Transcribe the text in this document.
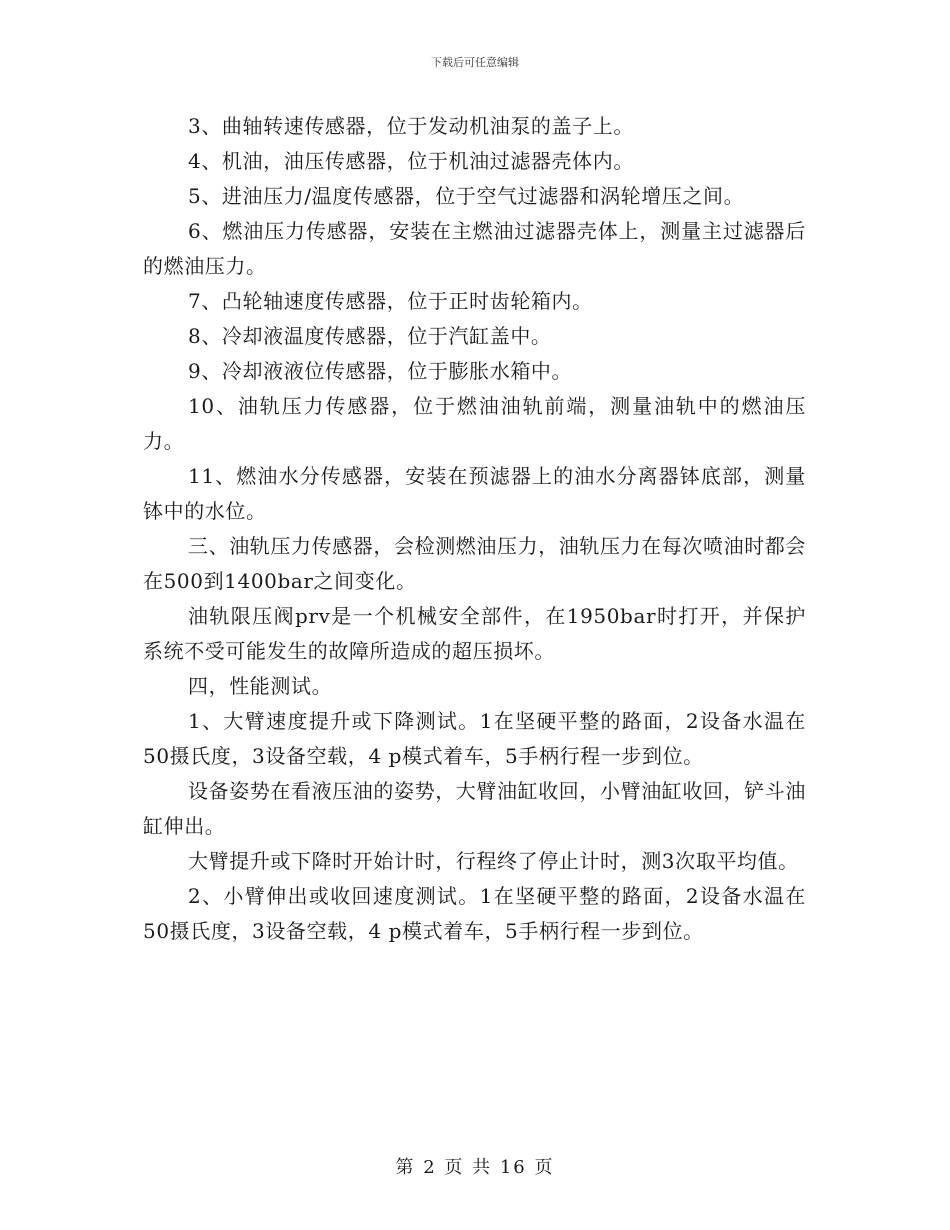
下载后可任意编辑

3、曲轴转速传感器，位于发动机油泵的盖子上。

4、机油，油压传感器，位于机油过滤器壳体内。

5、进油压力/温度传感器，位于空气过滤器和涡轮增压之间。

6、燃油压力传感器，安装在主燃油过滤器壳体上，测量主过滤器后的燃油压力。

7、凸轮轴速度传感器，位于正时齿轮箱内。

8、冷却液温度传感器，位于汽缸盖中。

9、冷却液液位传感器，位于膨胀水箱中。

10、油轨压力传感器，位于燃油油轨前端，测量油轨中的燃油压力。

11、燃油水分传感器，安装在预滤器上的油水分离器钵底部，测量钵中的水位。

三、油轨压力传感器，会检测燃油压力，油轨压力在每次喷油时都会在500到1400bar之间变化。

油轨限压阀prv是一个机械安全部件，在1950bar时打开，并保护系统不受可能发生的故障所造成的超压损坏。

四，性能测试。

1、大臂速度提升或下降测试。1在坚硬平整的路面，2设备水温在50摄氏度，3设备空载，4 p模式着车，5手柄行程一步到位。

设备姿势在看液压油的姿势，大臂油缸收回，小臂油缸收回，铲斗油缸伸出。

大臂提升或下降时开始计时，行程终了停止计时，测3次取平均值。

2、小臂伸出或收回速度测试。1在坚硬平整的路面，2设备水温在50摄氏度，3设备空载，4 p模式着车，5手柄行程一步到位。

第 2 页 共 16 页
